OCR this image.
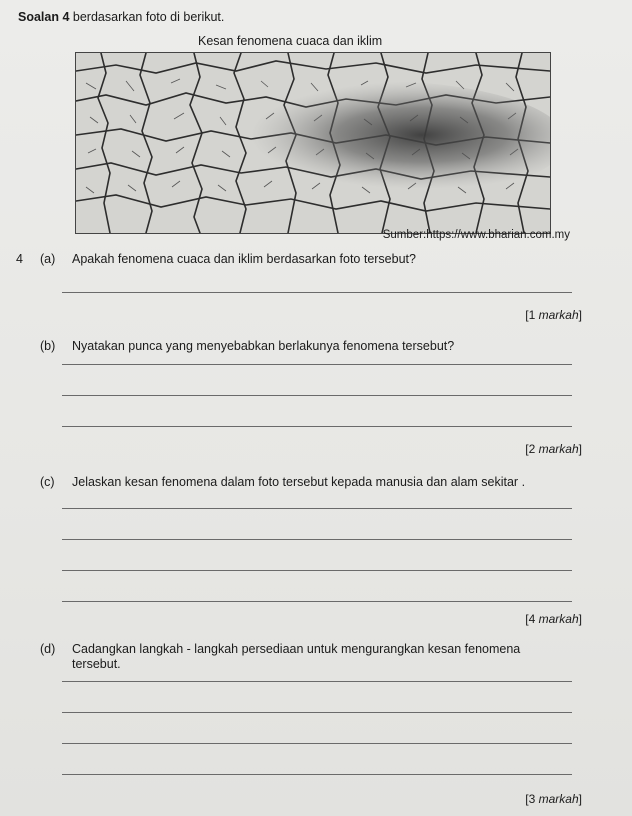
Soalan 4 berdasarkan foto di berikut.
Kesan fenomena cuaca dan iklim
Sumber:https://www.bharian.com.my
4 (a) Apakah fenomena cuaca dan iklim berdasarkan foto tersebut?
[1 markah]
(b) Nyatakan punca yang menyebabkan berlakunya fenomena tersebut?
[2 markah]
(c) Jelaskan kesan fenomena dalam foto tersebut kepada manusia dan alam sekitar .
[4 markah]
(d) Cadangkan langkah - langkah persediaan untuk mengurangkan kesan fenomena
tersebut.
[3 markah]
